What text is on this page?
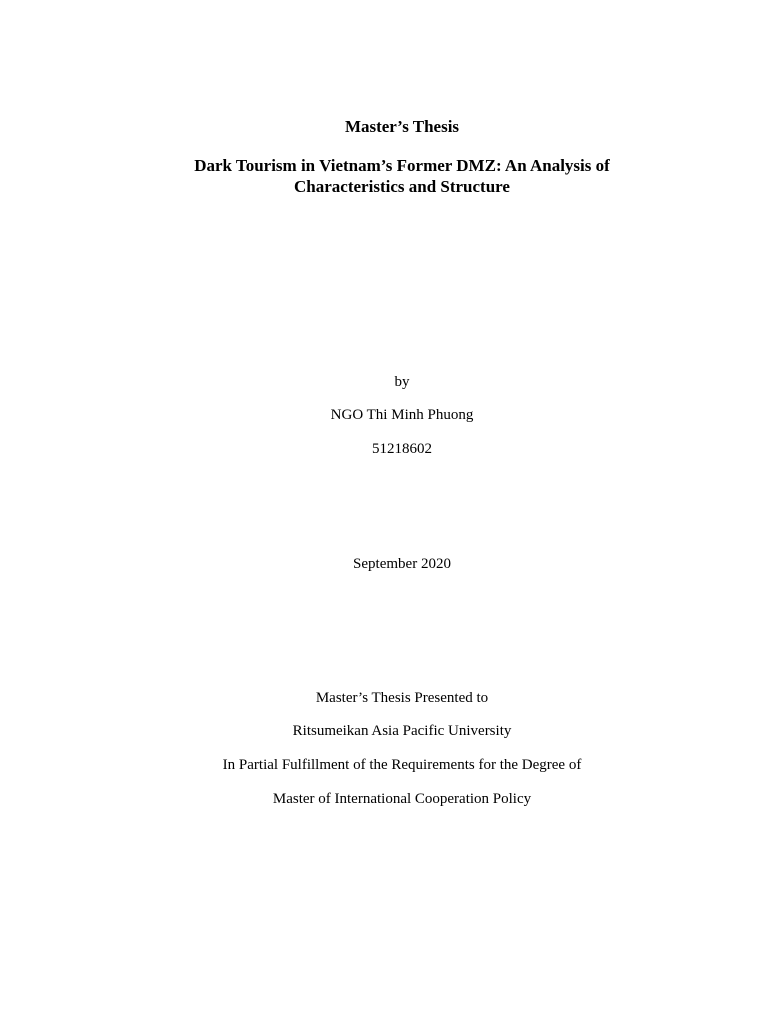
Master’s Thesis
Dark Tourism in Vietnam’s Former DMZ: An Analysis of
Characteristics and Structure
by
NGO Thi Minh Phuong
51218602
September 2020
Master’s Thesis Presented to
Ritsumeikan Asia Pacific University
In Partial Fulfillment of the Requirements for the Degree of
Master of International Cooperation Policy
